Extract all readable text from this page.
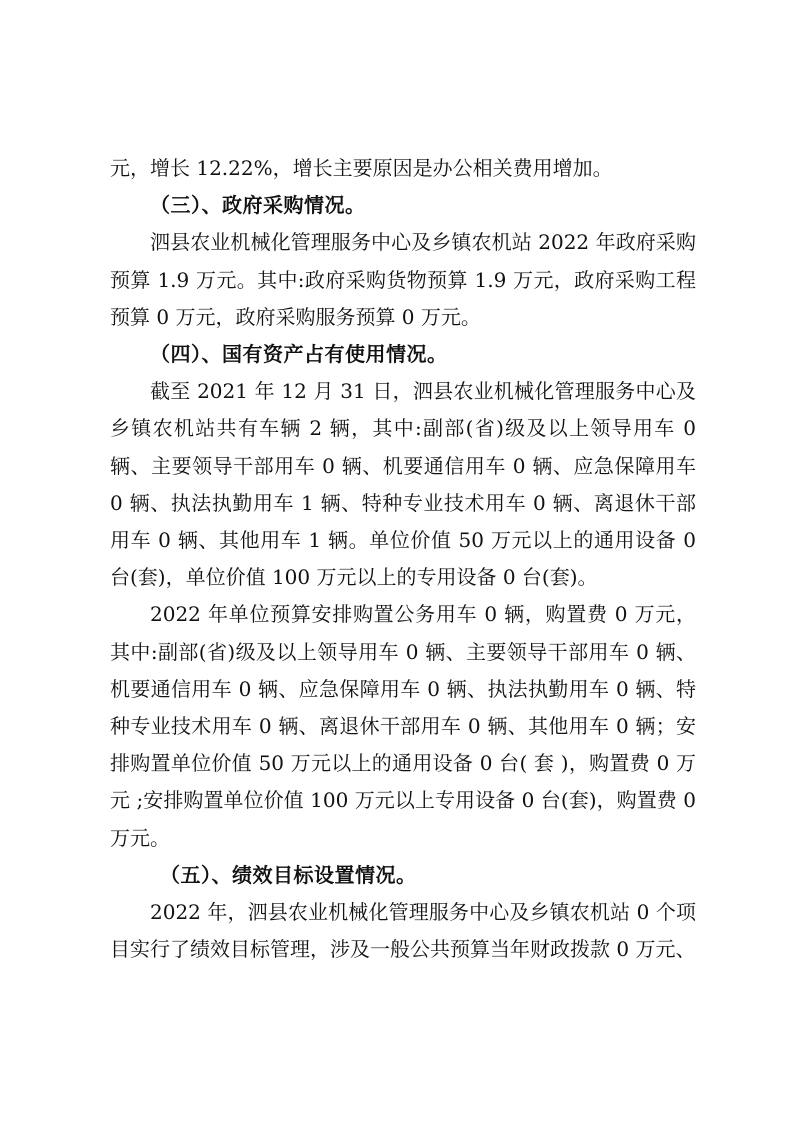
元，增长 12.22%，增长主要原因是办公相关费用增加。

（三）、政府采购情况。

泗县农业机械化管理服务中心及乡镇农机站 2022 年政府采购预算 1.9 万元。其中:政府采购货物预算 1.9 万元，政府采购工程预算 0 万元，政府采购服务预算 0 万元。

（四）、国有资产占有使用情况。

截至 2021 年 12 月 31 日，泗县农业机械化管理服务中心及乡镇农机站共有车辆 2 辆，其中:副部(省)级及以上领导用车 0 辆、主要领导干部用车 0 辆、机要通信用车 0 辆、应急保障用车 0 辆、执法执勤用车 1 辆、特种专业技术用车 0 辆、离退休干部用车 0 辆、其他用车 1 辆。单位价值 50 万元以上的通用设备 0 台(套)，单位价值 100 万元以上的专用设备 0 台(套)。

2022 年单位预算安排购置公务用车 0 辆，购置费 0 万元，其中:副部(省)级及以上领导用车 0 辆、主要领导干部用车 0 辆、机要通信用车 0 辆、应急保障用车 0 辆、执法执勤用车 0 辆、特种专业技术用车 0 辆、离退休干部用车 0 辆、其他用车 0 辆；安排购置单位价值 50 万元以上的通用设备 0 台( 套 )，购置费 0 万元 ;安排购置单位价值 100 万元以上专用设备 0 台(套)，购置费 0 万元。

（五）、绩效目标设置情况。

2022 年，泗县农业机械化管理服务中心及乡镇农机站 0 个项目实行了绩效目标管理，涉及一般公共预算当年财政拨款 0 万元、
